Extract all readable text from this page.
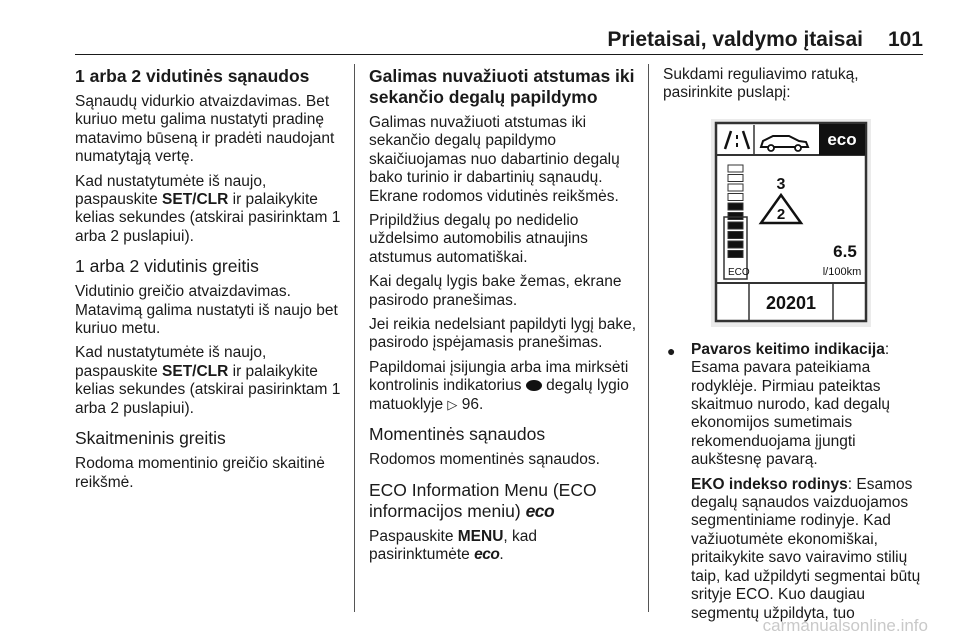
Prietaisai, valdymo įtaisai 101
1 arba 2 vidutinės sąnaudos

Sąnaudų vidurkio atvaizdavimas. Bet kuriuo metu galima nustatyti pradinę matavimo būseną ir pradėti naudojant numatytąją vertę.

Kad nustatytumėte iš naujo, paspauskite SET/CLR ir palaikykite kelias sekundes (atskirai pasirinktam 1 arba 2 puslapiui).

1 arba 2 vidutinis greitis

Vidutinio greičio atvaizdavimas. Matavimą galima nustatyti iš naujo bet kuriuo metu.

Kad nustatytumėte iš naujo, paspauskite SET/CLR ir palaikykite kelias sekundes (atskirai pasirinktam 1 arba 2 puslapiui).

Skaitmeninis greitis

Rodoma momentinio greičio skaitinė reikšmė.

Galimas nuvažiuoti atstumas iki sekančio degalų papildymo

Galimas nuvažiuoti atstumas iki sekančio degalų papildymo skaičiuojamas nuo dabartinio degalų bako turinio ir dabartinių sąnaudų. Ekrane rodomos vidutinės reikšmės.

Pripildžius degalų po nedidelio uždelsimo automobilis atnaujins atstumus automatiškai.

Kai degalų lygis bake žemas, ekrane pasirodo pranešimas.

Jei reikia nedelsiant papildyti lygį bake, pasirodo įspėjamasis pranešimas.

Papildomai įsijungia arba ima mirksėti kontrolinis indikatorius  degalų lygio matuoklyje ▷ 96.

Momentinės sąnaudos

Rodomos momentinės sąnaudos.

ECO Information Menu (ECO informacijos meniu) eco

Paspauskite MENU, kad pasirinktumėte eco.

Sukdami reguliavimo ratuką, pasirinkite puslapį:

eco
ECO
3
2
6.5
l/100km
20201
● Pavaros keitimo indikacija:
Esama pavara pateikiama rodyklėje. Pirmiau pateiktas skaitmuo nurodo, kad degalų ekonomijos sumetimais rekomenduojama įjungti aukštesnę pavarą.

EKO indekso rodinys: Esamos degalų sąnaudos vaizduojamos segmentiniame rodinyje. Kad važiuotumėte ekonomiškai, pritaikykite savo vairavimo stilių taip, kad užpildyti segmentai būtų srityje ECO. Kuo daugiau segmentų užpildyta, tuo

carmanualsonline.info
